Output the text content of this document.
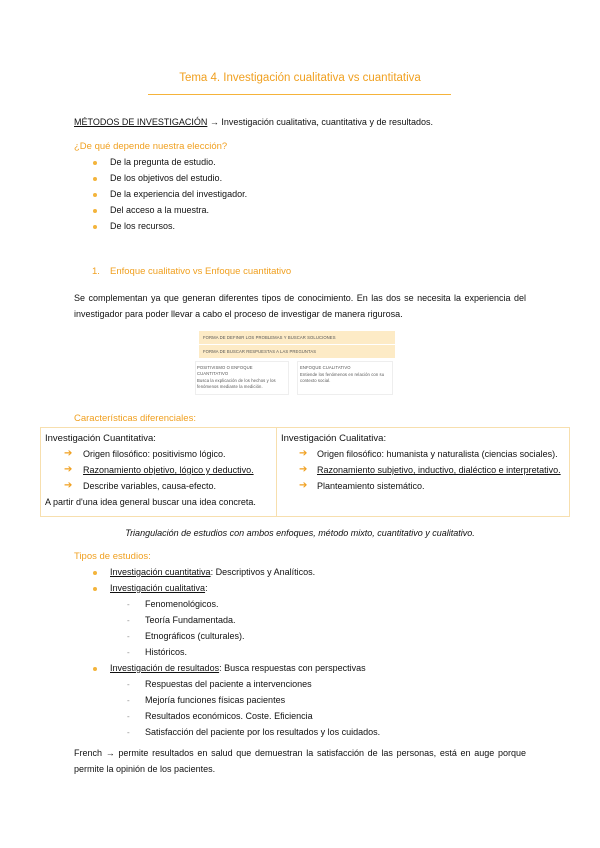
Tema 4. Investigación cualitativa vs cuantitativa
MÉTODOS DE INVESTIGACIÓN → Investigación cualitativa, cuantitativa y de resultados.
¿De qué depende nuestra elección?
De la pregunta de estudio.
De los objetivos del estudio.
De la experiencia del investigador.
Del acceso a la muestra.
De los recursos.
1. Enfoque cualitativo vs Enfoque cuantitativo
Se complementan ya que generan diferentes tipos de conocimiento. En las dos se necesita la experiencia del investigador para poder llevar a cabo el proceso de investigar de manera rigurosa.
FORMA DE DEFINIR LOS PROBLEMAS Y BUSCAR SOLUCIONES
FORMA DE BUSCAR RESPUESTAS A LAS PREGUNTAS
POSITIVISMO O ENFOQUE CUANTITATIVO
Busca la explicación de los hechos y los fenómenos mediante la medición.
ENFOQUE CUALITATIVO
Entiende los fenómenos en relación con su contexto social.
Características diferenciales:
Investigación Cuantitativa:
➔ Origen filosófico: positivismo lógico.
➔ Razonamiento objetivo, lógico y deductivo.
➔ Describe variables, causa-efecto.
A partir d'una idea general buscar una idea concreta.
Investigación Cualitativa:
➔ Origen filosófico: humanista y naturalista (ciencias sociales).
➔ Razonamiento subjetivo, inductivo, dialéctico e interpretativo.
➔ Planteamiento sistemático.
Triangulación de estudios con ambos enfoques, método mixto, cuantitativo y cualitativo.
Tipos de estudios:
Investigación cuantitativa: Descriptivos y Analíticos.
Investigación cualitativa:
- Fenomenológicos.
- Teoría Fundamentada.
- Etnográficos (culturales).
- Históricos.
Investigación de resultados: Busca respuestas con perspectivas
- Respuestas del paciente a intervenciones
- Mejoría funciones físicas pacientes
- Resultados económicos. Coste. Eficiencia
- Satisfacción del paciente por los resultados y los cuidados.
French → permite resultados en salud que demuestran la satisfacción de las personas, está en auge porque permite la opinión de los pacientes.
